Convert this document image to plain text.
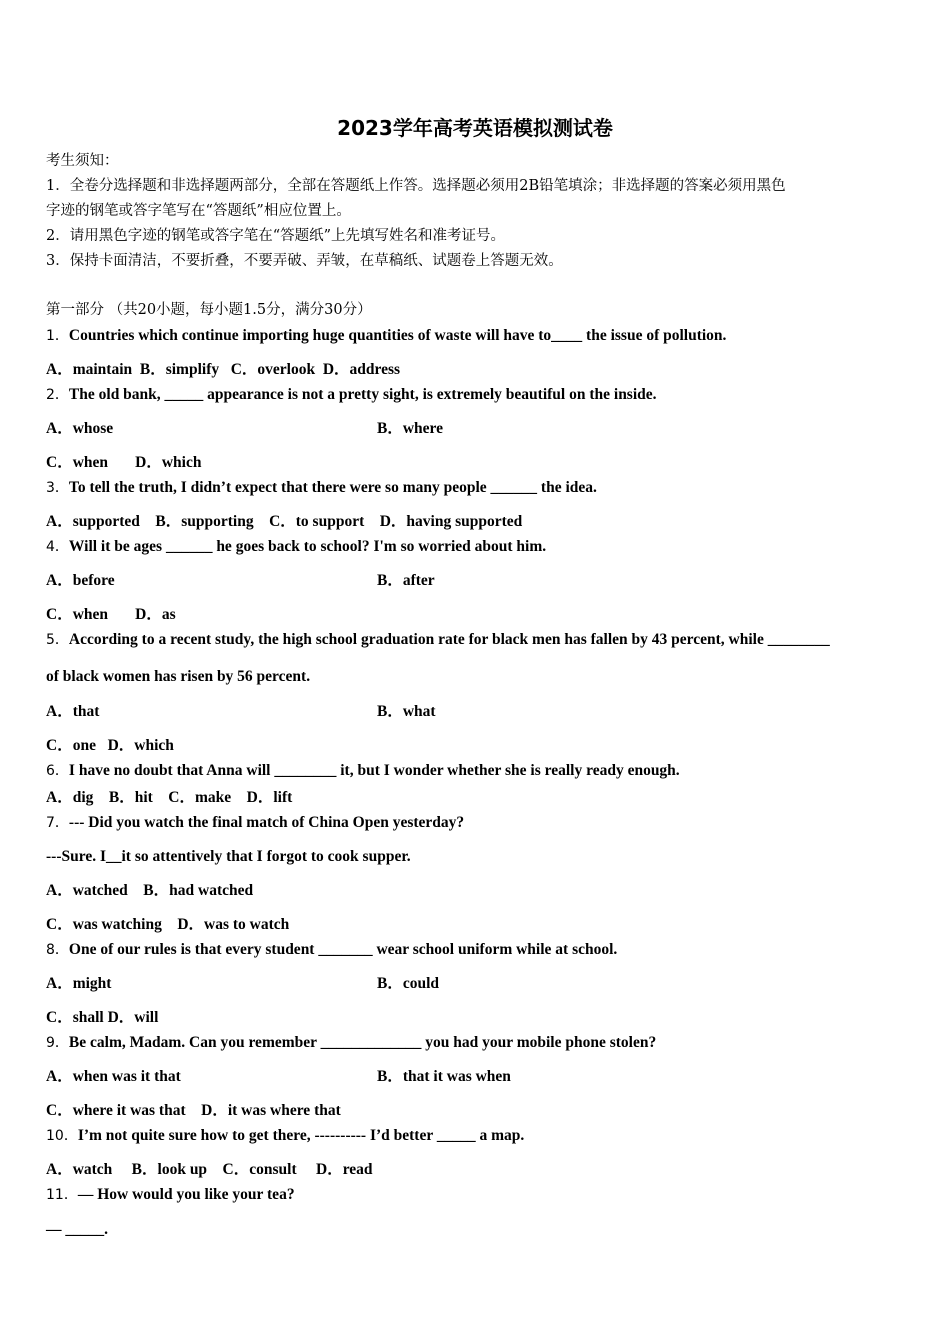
2023学年高考英语模拟测试卷
考生须知：
1．全卷分选择题和非选择题两部分，全部在答题纸上作答。选择题必须用2B铅笔填涂；非选择题的答案必须用黑色
字迹的钢笔或答字笔写在“答题纸”相应位置上。
2．请用黑色字迹的钢笔或答字笔在“答题纸”上先填写姓名和准考证号。
3．保持卡面清洁，不要折叠，不要弄破、弄皱，在草稿纸、试题卷上答题无效。
第一部分 （共20小题，每小题1.5分，满分30分）
1．Countries which continue importing huge quantities of waste will have to____ the issue of pollution.
A．maintain  B．simplify   C．overlook  D．address
2．The old bank, _____ appearance is not a pretty sight, is extremely beautiful on the inside.
A．whose	B．where
C．when       D．which
3．To tell the truth, I didn’t expect that there were so many people ______ the idea.
A．supported    B．supporting    C．to support    D．having supported
4．Will it be ages ______ he goes back to school? I'm so worried about him.
A．before	B．after
C．when       D．as
5．According to a recent study, the high school graduation rate for black men has fallen by 43 percent, while ________
of black women has risen by 56 percent.
A．that	B．what
C．one   D．which
6．I have no doubt that Anna will ________ it, but I wonder whether she is really ready enough.
A．dig    B．hit    C．make    D．lift
7．--- Did you watch the final match of China Open yesterday?
---Sure. I__it so attentively that I forgot to cook supper.
A．watched    B．had watched
C．was watching    D．was to watch
8．One of our rules is that every student _______ wear school uniform while at school.
A．might	B．could
C．shall D．will
9．Be calm, Madam. Can you remember _____________ you had your mobile phone stolen?
A．when was it that	B．that it was when
C．where it was that    D．it was where that
10．I’m not quite sure how to get there, ---------- I’d better _____ a map.
A．watch     B．look up    C．consult     D．read
11．— How would you like your tea?
— _____.
